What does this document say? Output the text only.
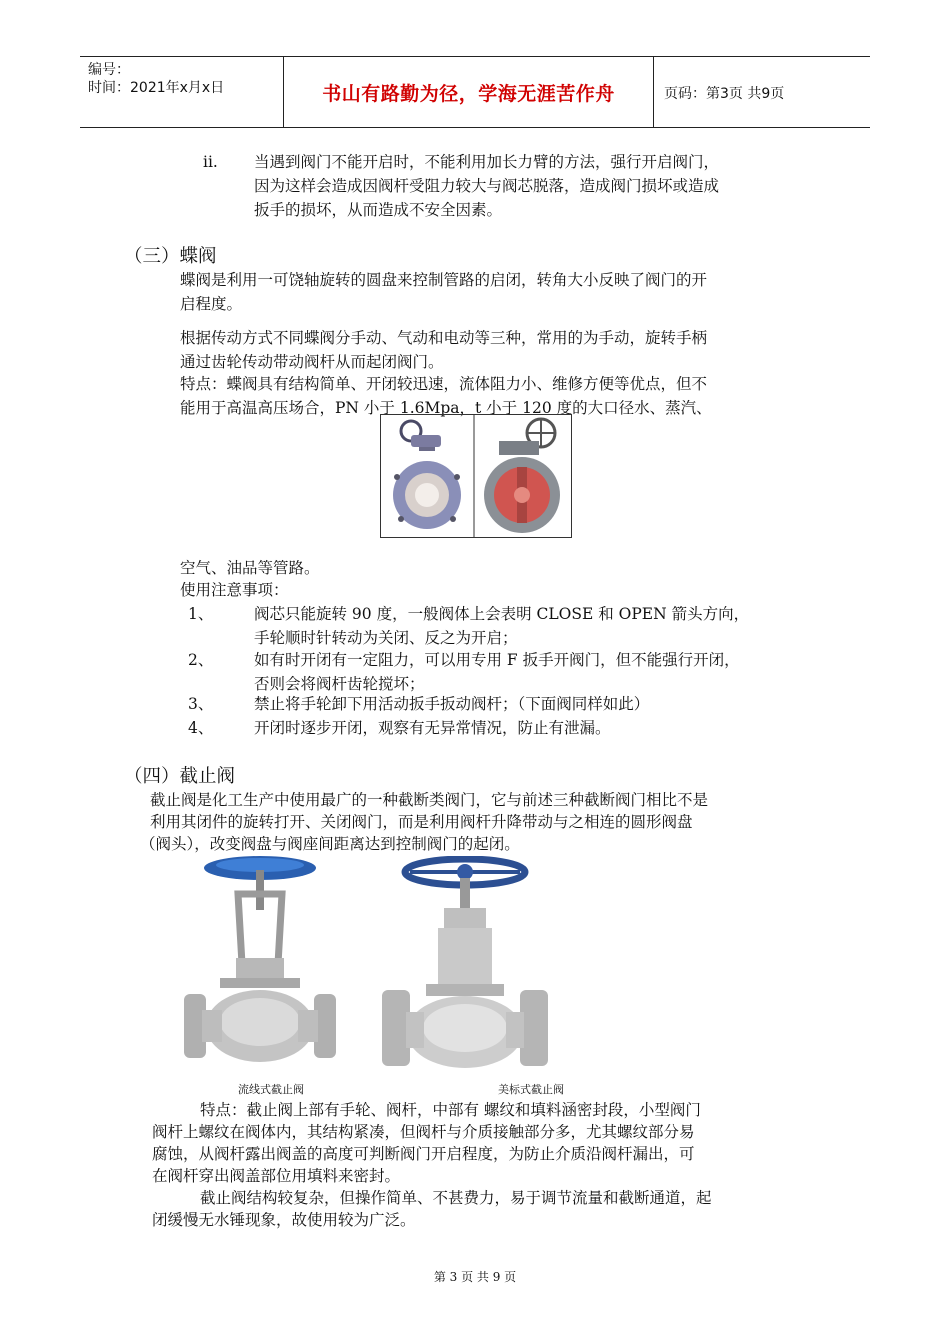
编号：
时间：2021年x月x日	书山有路勤为径，学海无涯苦作舟	页码：第3页 共9页
ii. 当遇到阀门不能开启时，不能利用加长力臂的方法，强行开启阀门，
因为这样会造成因阀杆受阻力较大与阀芯脱落，造成阀门损坏或造成
扳手的损坏，从而造成不安全因素。
（三）蝶阀
蝶阀是利用一可饶轴旋转的圆盘来控制管路的启闭，转角大小反映了阀门的开
启程度。
根据传动方式不同蝶阀分手动、气动和电动等三种，常用的为手动，旋转手柄
通过齿轮传动带动阀杆从而起闭阀门。
特点：蝶阀具有结构简单、开闭较迅速，流体阻力小、维修方便等优点，但不
能用于高温高压场合，PN 小于 1.6Mpa，t 小于 120 度的大口径水、蒸汽、
空气、油品等管路。
使用注意事项：
1、	阀芯只能旋转 90 度，一般阀体上会表明 CLOSE 和 OPEN 箭头方向，
手轮顺时针转动为关闭、反之为开启；
2、	如有时开闭有一定阻力，可以用专用 F 扳手开阀门，但不能强行开闭，
否则会将阀杆齿轮搅坏；
3、	禁止将手轮卸下用活动扳手扳动阀杆；（下面阀同样如此）
4、	开闭时逐步开闭，观察有无异常情况，防止有泄漏。
（四）截止阀
截止阀是化工生产中使用最广的一种截断类阀门，它与前述三种截断阀门相比不是
利用其闭件的旋转打开、关闭阀门，而是利用阀杆升降带动与之相连的圆形阀盘
（阀头），改变阀盘与阀座间距离达到控制阀门的起闭。
流线式截止阀	美标式截止阀
特点：截止阀上部有手轮、阀杆，中部有 螺纹和填料涵密封段，小型阀门
阀杆上螺纹在阀体内，其结构紧凑，但阀杆与介质接触部分多，尤其螺纹部分易
腐蚀，从阀杆露出阀盖的高度可判断阀门开启程度，为防止介质沿阀杆漏出，可
在阀杆穿出阀盖部位用填料来密封。
截止阀结构较复杂，但操作简单、不甚费力，易于调节流量和截断通道，起
闭缓慢无水锤现象，故使用较为广泛。
第 3 页 共 9 页
